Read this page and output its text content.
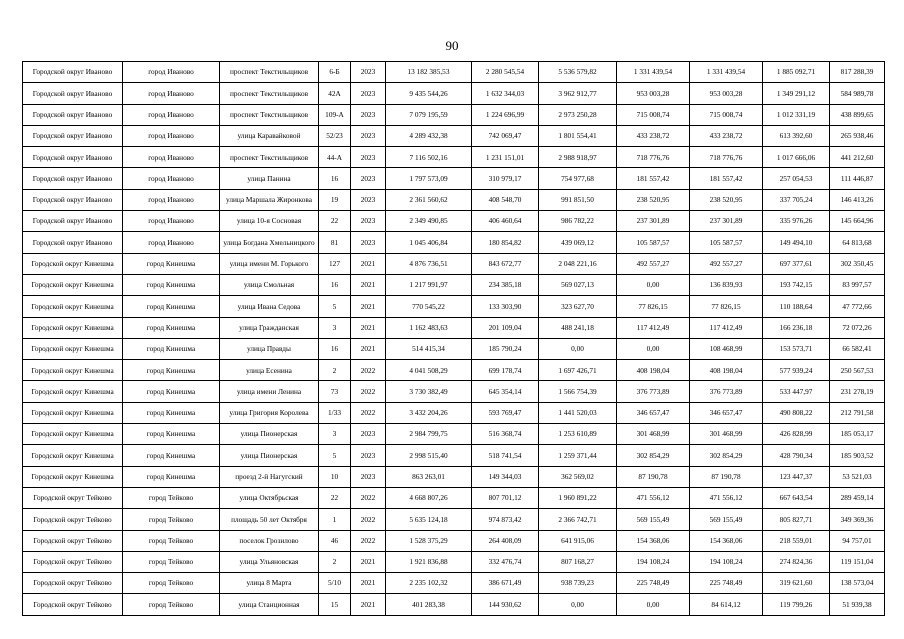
90
Городской округ Иваново	город Иваново	проспект Текстильщиков	6-Б	2023	13 182 385,53	2 280 545,54	5 536 579,82	1 331 439,54	1 331 439,54	1 885 092,71	817 288,39
Городской округ Иваново	город Иваново	проспект Текстильщиков	42А	2023	9 435 544,26	1 632 344,03	3 962 912,77	953 003,28	953 003,28	1 349 291,12	584 989,78
Городской округ Иваново	город Иваново	проспект Текстильщиков	109-А	2023	7 079 195,59	1 224 696,99	2 973 250,28	715 008,74	715 008,74	1 012 331,19	438 899,65
Городской округ Иваново	город Иваново	улица Каравайковой	52/23	2023	4 289 432,38	742 069,47	1 801 554,41	433 238,72	433 238,72	613 392,60	265 938,46
Городской округ Иваново	город Иваново	проспект Текстильщиков	44-А	2023	7 116 502,16	1 231 151,01	2 988 918,97	718 776,76	718 776,76	1 017 666,06	441 212,60
Городской округ Иваново	город Иваново	улица Панина	16	2023	1 797 573,09	310 979,17	754 977,68	181 557,42	181 557,42	257 054,53	111 446,87
Городской округ Иваново	город Иваново	улица Маршала Жиронкова	19	2023	2 361 560,62	408 548,70	991 851,50	238 520,95	238 520,95	337 705,24	146 413,26
Городской округ Иваново	город Иваново	улица 10-я Сосновая	22	2023	2 349 490,85	406 460,64	986 782,22	237 301,89	237 301,89	335 976,26	145 664,96
Городской округ Иваново	город Иваново	улица Богдана Хмельницкого	81	2023	1 045 406,84	180 854,82	439 069,12	105 587,57	105 587,57	149 494,10	64 813,68
Городской округ Кинешма	город Кинешма	улица имени М. Горького	127	2021	4 876 736,51	843 672,77	2 048 221,16	492 557,27	492 557,27	697 377,61	302 350,45
Городской округ Кинешма	город Кинешма	улица Смольная	16	2021	1 217 991,97	234 385,18	569 027,13	0,00	136 839,93	193 742,15	83 997,57
Городской округ Кинешма	город Кинешма	улица Ивана Седова	5	2021	770 545,22	133 303,90	323 627,70	77 826,15	77 826,15	110 188,64	47 772,66
Городской округ Кинешма	город Кинешма	улица Гражданская	3	2021	1 162 483,63	201 109,04	488 241,18	117 412,49	117 412,49	166 236,18	72 072,26
Городской округ Кинешма	город Кинешма	улица Правды	16	2021	514 415,34	185 790,24	0,00	0,00	108 468,99	153 573,71	66 582,41
Городской округ Кинешма	город Кинешма	улица Есенина	2	2022	4 041 508,29	699 178,74	1 697 426,71	408 198,04	408 198,04	577 939,24	250 567,53
Городской округ Кинешма	город Кинешма	улица имени Ленина	73	2022	3 730 382,49	645 354,14	1 566 754,39	376 773,89	376 773,89	533 447,97	231 278,19
Городской округ Кинешма	город Кинешма	улица Григория Королева	1/33	2022	3 432 204,26	593 769,47	1 441 520,03	346 657,47	346 657,47	490 808,22	212 791,58
Городской округ Кинешма	город Кинешма	улица Пионерская	3	2023	2 984 799,75	516 368,74	1 253 610,89	301 468,99	301 468,99	426 828,99	185 053,17
Городской округ Кинешма	город Кинешма	улица Пионерская	5	2023	2 998 515,40	518 741,54	1 259 371,44	302 854,29	302 854,29	428 790,34	185 903,52
Городской округ Кинешма	город Кинешма	проезд 2-й Нагугский	10	2023	863 263,01	149 344,03	362 569,02	87 190,78	87 190,78	123 447,37	53 521,03
Городской округ Тейково	город Тейково	улица Октябрьская	22	2022	4 668 807,26	807 701,12	1 960 891,22	471 556,12	471 556,12	667 643,54	289 459,14
Городской округ Тейково	город Тейково	площадь 50 лет Октября	1	2022	5 635 124,18	974 873,42	2 366 742,71	569 155,49	569 155,49	805 827,71	349 369,36
Городской округ Тейково	город Тейково	поселок Грозилово	46	2022	1 528 375,29	264 408,09	641 915,06	154 368,06	154 368,06	218 559,01	94 757,01
Городской округ Тейково	город Тейково	улица Ульяновская	2	2021	1 921 836,88	332 476,74	807 168,27	194 108,24	194 108,24	274 824,36	119 151,04
Городской округ Тейково	город Тейково	улица 8 Марта	5/10	2021	2 235 102,32	386 671,49	938 739,23	225 748,49	225 748,49	319 621,60	138 573,04
Городской округ Тейково	город Тейково	улица Станционная	15	2021	401 283,38	144 930,62	0,00	0,00	84 614,12	119 799,26	51 939,38
